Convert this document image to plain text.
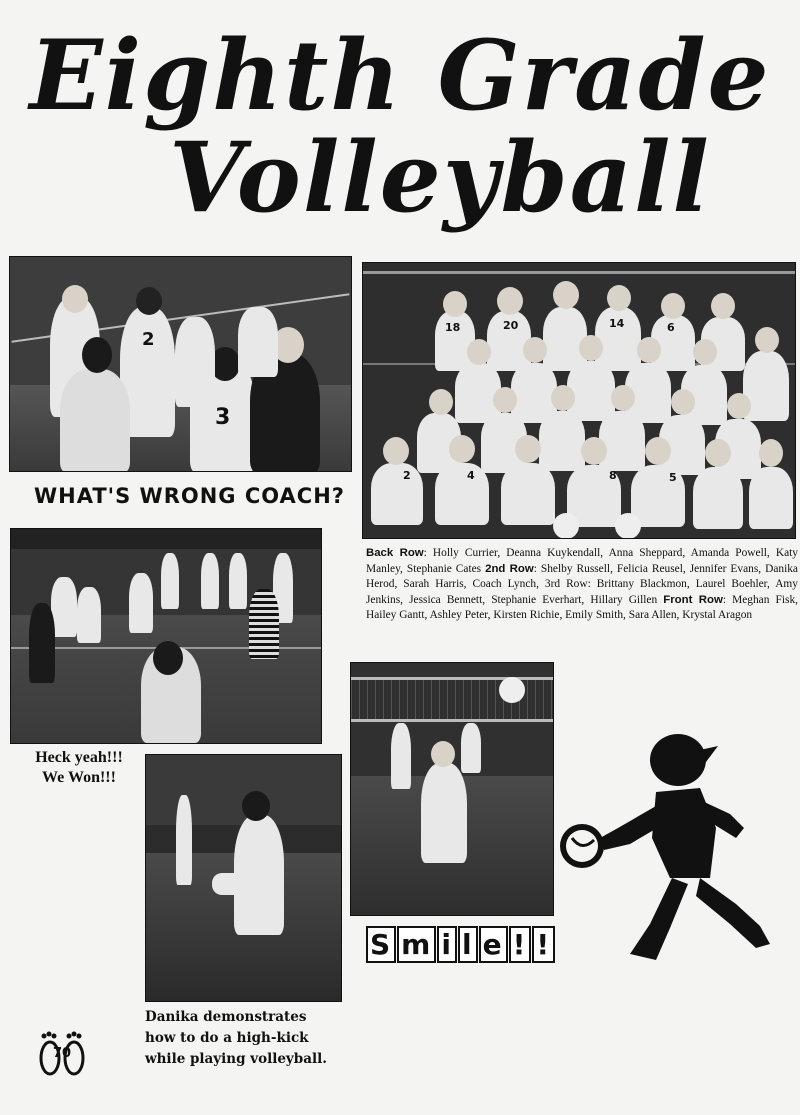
Eighth Grade
Volleyball
2
3
WHAT'S WRONG COACH?
18	20	14	6
2	4	8	5
Back Row: Holly Currier, Deanna Kuykendall, Anna Sheppard, Amanda Powell, Katy Manley, Stephanie Cates 2nd Row: Shelby Russell, Felicia Reusel, Jennifer Evans, Danika Herod, Sarah Harris, Coach Lynch, 3rd Row: Brittany Blackmon, Laurel Boehler, Amy Jenkins, Jessica Bennett, Stephanie Everhart, Hillary Gillen Front Row: Meghan Fisk, Hailey Gantt, Ashley Peter, Kirsten Richie, Emily Smith, Sara Allen, Krystal Aragon
Heck yeah!!!
We Won!!!
Danika demonstrates
how to do a high-kick
while playing volleyball.
S m i l e ! !
70
